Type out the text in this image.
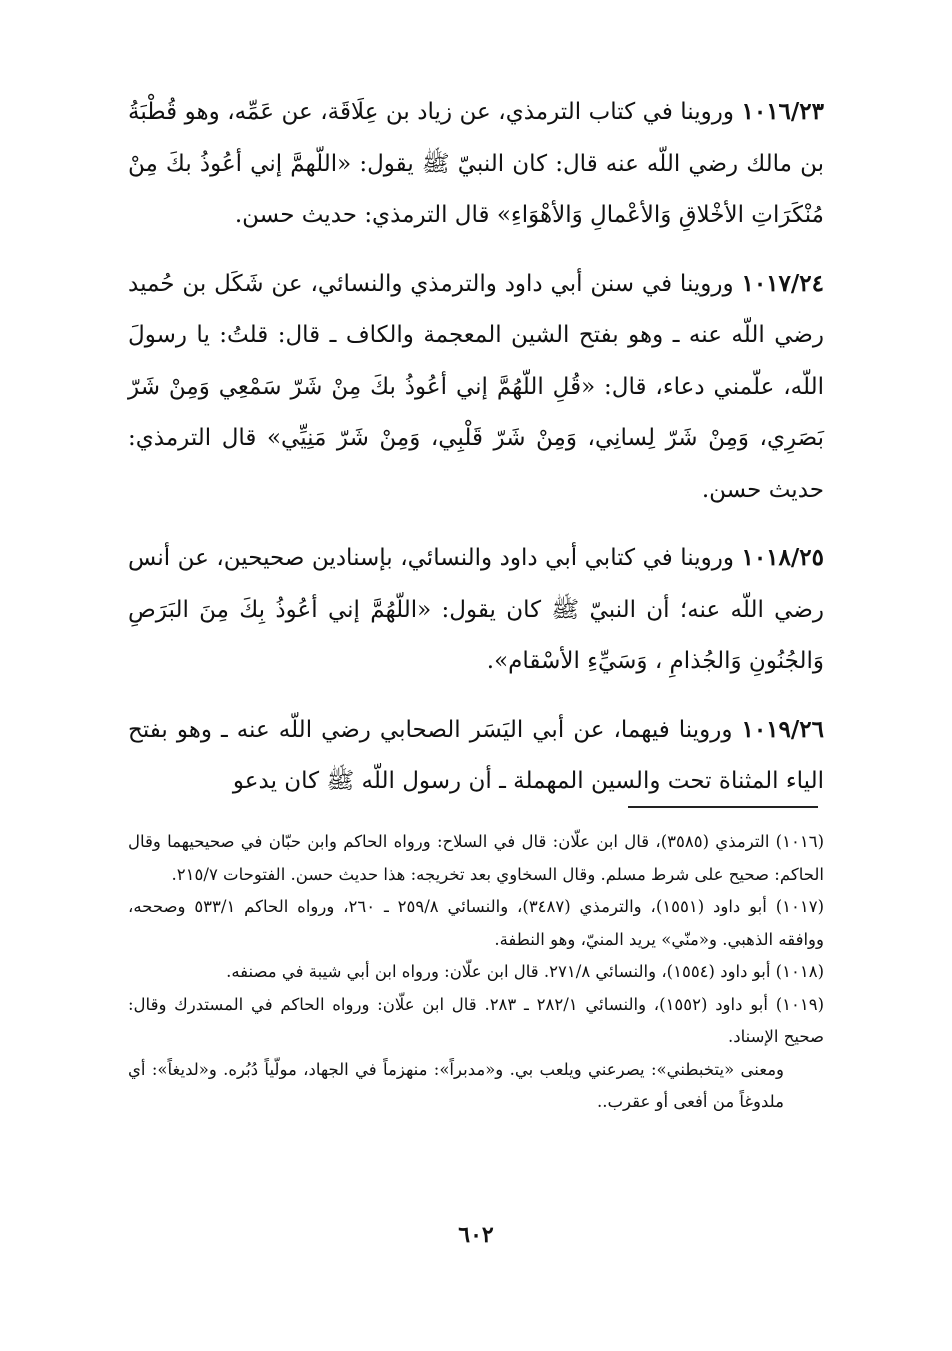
١٠١٦/٢٣ وروينا في كتاب الترمذي، عن زياد بن عِلَاقَة، عن عَمِّه، وهو قُطْبَةُ بن مالك رضي اللّه عنه قال: كان النبيّ ﷺ يقول: «اللّهمَّ إني أعُوذُ بكَ مِنْ مُنْكَرَاتِ الأخْلاقِ وَالأعْمالِ وَالأهْوَاءِ» قال الترمذي: حديث حسن.

١٠١٧/٢٤ وروينا في سنن أبي داود والترمذي والنسائي، عن شَكَل بن حُميد رضي اللّه عنه ـ وهو بفتح الشين المعجمة والكاف ـ قال: قلتُ: يا رسولَ اللّه، علّمني دعاء، قال: «قُلِ اللّهُمَّ إني أعُوذُ بكَ مِنْ شَرّ سَمْعِي وَمِنْ شَرّ بَصَرِي، وَمِنْ شَرّ لِسانِي، وَمِنْ شَرّ قَلْبِي، وَمِنْ شَرّ مَنِيِّي» قال الترمذي: حديث حسن.

١٠١٨/٢٥ وروينا في كتابي أبي داود والنسائي، بإسنادين صحيحين، عن أنس رضي اللّه عنه؛ أن النبيّ ﷺ كان يقول: «اللّهُمَّ إني أعُوذُ بِكَ مِنَ البَرَصِ وَالجُنُونِ وَالجُذامِ ، وَسَيِّءِ الأسْقام».

١٠١٩/٢٦ وروينا فيهما، عن أبي اليَسَر الصحابي رضي اللّه عنه ـ وهو بفتح الياء المثناة تحت والسين المهملة ـ أن رسول اللّه ﷺ كان يدعو

(١٠١٦) الترمذي (٣٥٨٥)، قال ابن علّان: قال في السلاح: ورواه الحاكم وابن حبّان في صحيحيهما وقال الحاكم: صحيح على شرط مسلم. وقال السخاوي بعد تخريجه: هذا حديث حسن. الفتوحات ٢١٥/٧.

(١٠١٧) أبو داود (١٥٥١)، والترمذي (٣٤٨٧)، والنسائي ٢٥٩/٨ ـ ٢٦٠، ورواه الحاكم ٥٣٣/١ وصححه، ووافقه الذهبي. و«منّي» يريد المنيّ، وهو النطفة.

(١٠١٨) أبو داود (١٥٥٤)، والنسائي ٢٧١/٨. قال ابن علّان: ورواه ابن أبي شيبة في مصنفه.

(١٠١٩) أبو داود (١٥٥٢)، والنسائي ٢٨٢/١ ـ ٢٨٣. قال ابن علّان: ورواه الحاكم في المستدرك وقال: صحيح الإسناد.

ومعنى «يتخبطني»: يصرعني ويلعب بي. و«مدبراً»: منهزماً في الجهاد، مولّياً دُبُره. و«لديغاً»: أي ملدوغاً من أفعى أو عقرب..

٦٠٢
